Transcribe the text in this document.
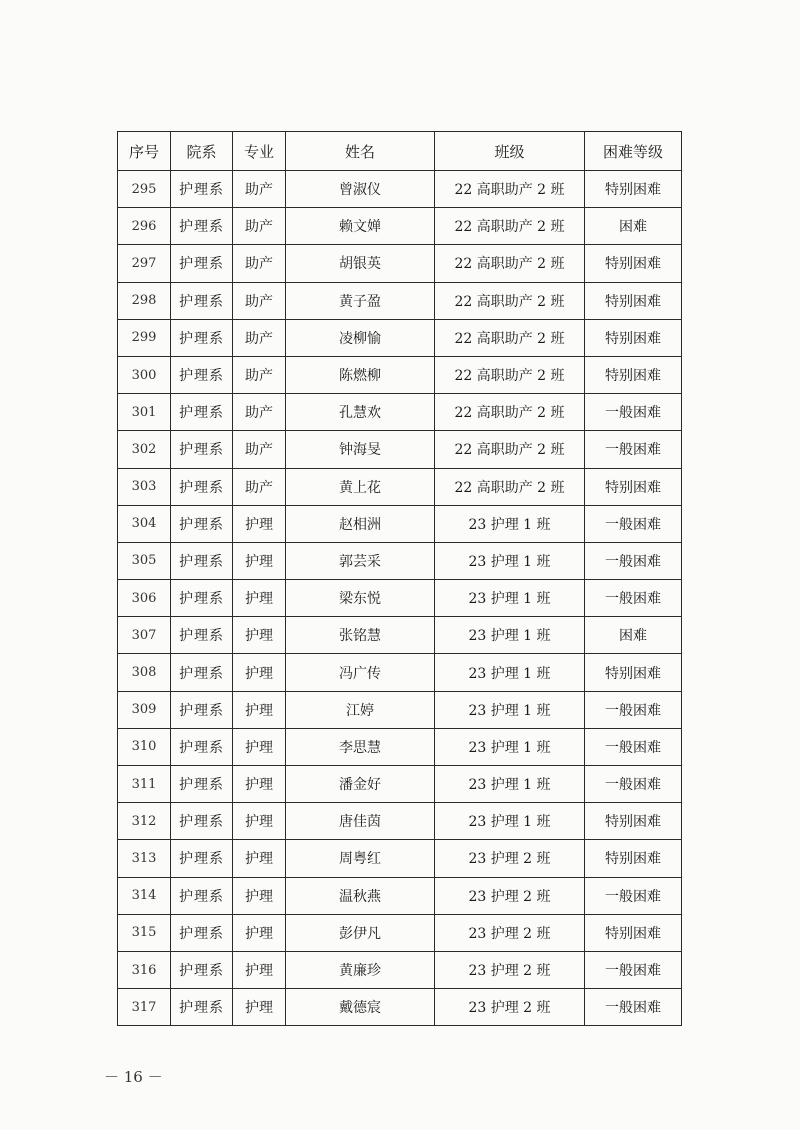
序号	院系	专业	姓名	班级	困难等级
295	护理系	助产	曾淑仪	22 高职助产 2 班	特别困难
296	护理系	助产	赖文婵	22 高职助产 2 班	困难
297	护理系	助产	胡银英	22 高职助产 2 班	特别困难
298	护理系	助产	黄子盈	22 高职助产 2 班	特别困难
299	护理系	助产	凌柳愉	22 高职助产 2 班	特别困难
300	护理系	助产	陈燃柳	22 高职助产 2 班	特别困难
301	护理系	助产	孔慧欢	22 高职助产 2 班	一般困难
302	护理系	助产	钟海旻	22 高职助产 2 班	一般困难
303	护理系	助产	黄上花	22 高职助产 2 班	特别困难
304	护理系	护理	赵相洲	23 护理 1 班	一般困难
305	护理系	护理	郭芸采	23 护理 1 班	一般困难
306	护理系	护理	梁东悦	23 护理 1 班	一般困难
307	护理系	护理	张铭慧	23 护理 1 班	困难
308	护理系	护理	冯广传	23 护理 1 班	特别困难
309	护理系	护理	江婷	23 护理 1 班	一般困难
310	护理系	护理	李思慧	23 护理 1 班	一般困难
311	护理系	护理	潘金好	23 护理 1 班	一般困难
312	护理系	护理	唐佳茵	23 护理 1 班	特别困难
313	护理系	护理	周粤红	23 护理 2 班	特别困难
314	护理系	护理	温秋燕	23 护理 2 班	一般困难
315	护理系	护理	彭伊凡	23 护理 2 班	特别困难
316	护理系	护理	黄廉珍	23 护理 2 班	一般困难
317	护理系	护理	戴德宸	23 护理 2 班	一般困难
－ 16 －
